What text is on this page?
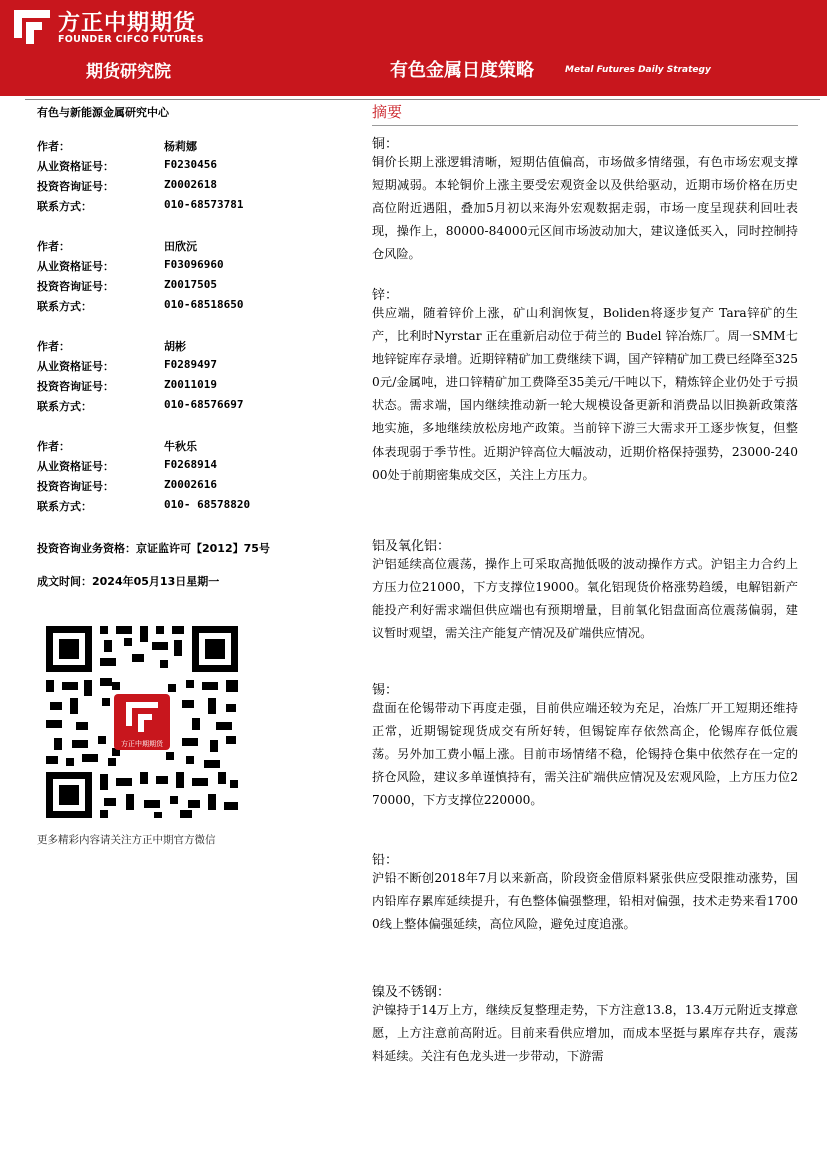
方正中期期货
FOUNDER CIFCO FUTURES
期货研究院	有色金属日度策略	Metal Futures Daily Strategy
有色与新能源金属研究中心
作者：	杨莉娜
从业资格证号：	F0230456
投资咨询证号：	Z0002618
联系方式：	010-68573781
作者：	田欣沅
从业资格证号：	F03096960
投资咨询证号：	Z0017505
联系方式：	010-68518650
作者：	胡彬
从业资格证号：	F0289497
投资咨询证号：	Z0011019
联系方式：	010-68576697
作者：	牛秋乐
从业资格证号：	F0268914
投资咨询证号：	Z0002616
联系方式：	010- 68578820
投资咨询业务资格：京证监许可【2012】75号
成文时间：2024年05月13日星期一
方正中期期货
更多精彩内容请关注方正中期官方微信
摘要
铜：
铜价长期上涨逻辑清晰，短期估值偏高，市场做多情绪强，有色市场宏观支撑短期减弱。本轮铜价上涨主要受宏观资金以及供给驱动，近期市场价格在历史高位附近遇阻，叠加5月初以来海外宏观数据走弱，市场一度呈现获利回吐表现，操作上，80000-84000元区间市场波动加大，建议逢低买入，同时控制持仓风险。
锌：
供应端，随着锌价上涨，矿山利润恢复，Boliden将逐步复产 Tara锌矿的生产，比利时Nyrstar 正在重新启动位于荷兰的 Budel 锌冶炼厂。周一SMM七地锌锭库存录增。近期锌精矿加工费继续下调，国产锌精矿加工费已经降至3250元/金属吨，进口锌精矿加工费降至35美元/干吨以下，精炼锌企业仍处于亏损状态。需求端，国内继续推动新一轮大规模设备更新和消费品以旧换新政策落地实施，多地继续放松房地产政策。当前锌下游三大需求开工逐步恢复，但整体表现弱于季节性。近期沪锌高位大幅波动，近期价格保持强势，23000-24000处于前期密集成交区，关注上方压力。
铝及氧化铝：
沪铝延续高位震荡，操作上可采取高抛低吸的波动操作方式。沪铝主力合约上方压力位21000，下方支撑位19000。氧化铝现货价格涨势趋缓，电解铝新产能投产利好需求端但供应端也有预期增量，目前氧化铝盘面高位震荡偏弱，建议暂时观望，需关注产能复产情况及矿端供应情况。
锡：
盘面在伦锡带动下再度走强，目前供应端还较为充足，冶炼厂开工短期还维持正常，近期锡锭现货成交有所好转，但锡锭库存依然高企，伦锡库存低位震荡。另外加工费小幅上涨。目前市场情绪不稳，伦锡持仓集中依然存在一定的挤仓风险，建议多单谨慎持有，需关注矿端供应情况及宏观风险，上方压力位270000，下方支撑位220000。
铅：
沪铅不断创2018年7月以来新高，阶段资金借原料紧张供应受限推动涨势，国内铅库存累库延续提升，有色整体偏强整理，铅相对偏强，技术走势来看17000线上整体偏强延续，高位风险，避免过度追涨。
镍及不锈钢：
沪镍持于14万上方，继续反复整理走势，下方注意13.8，13.4万元附近支撑意愿，上方注意前高附近。目前来看供应增加，而成本坚挺与累库存共存，震荡料延续。关注有色龙头进一步带动，下游需
